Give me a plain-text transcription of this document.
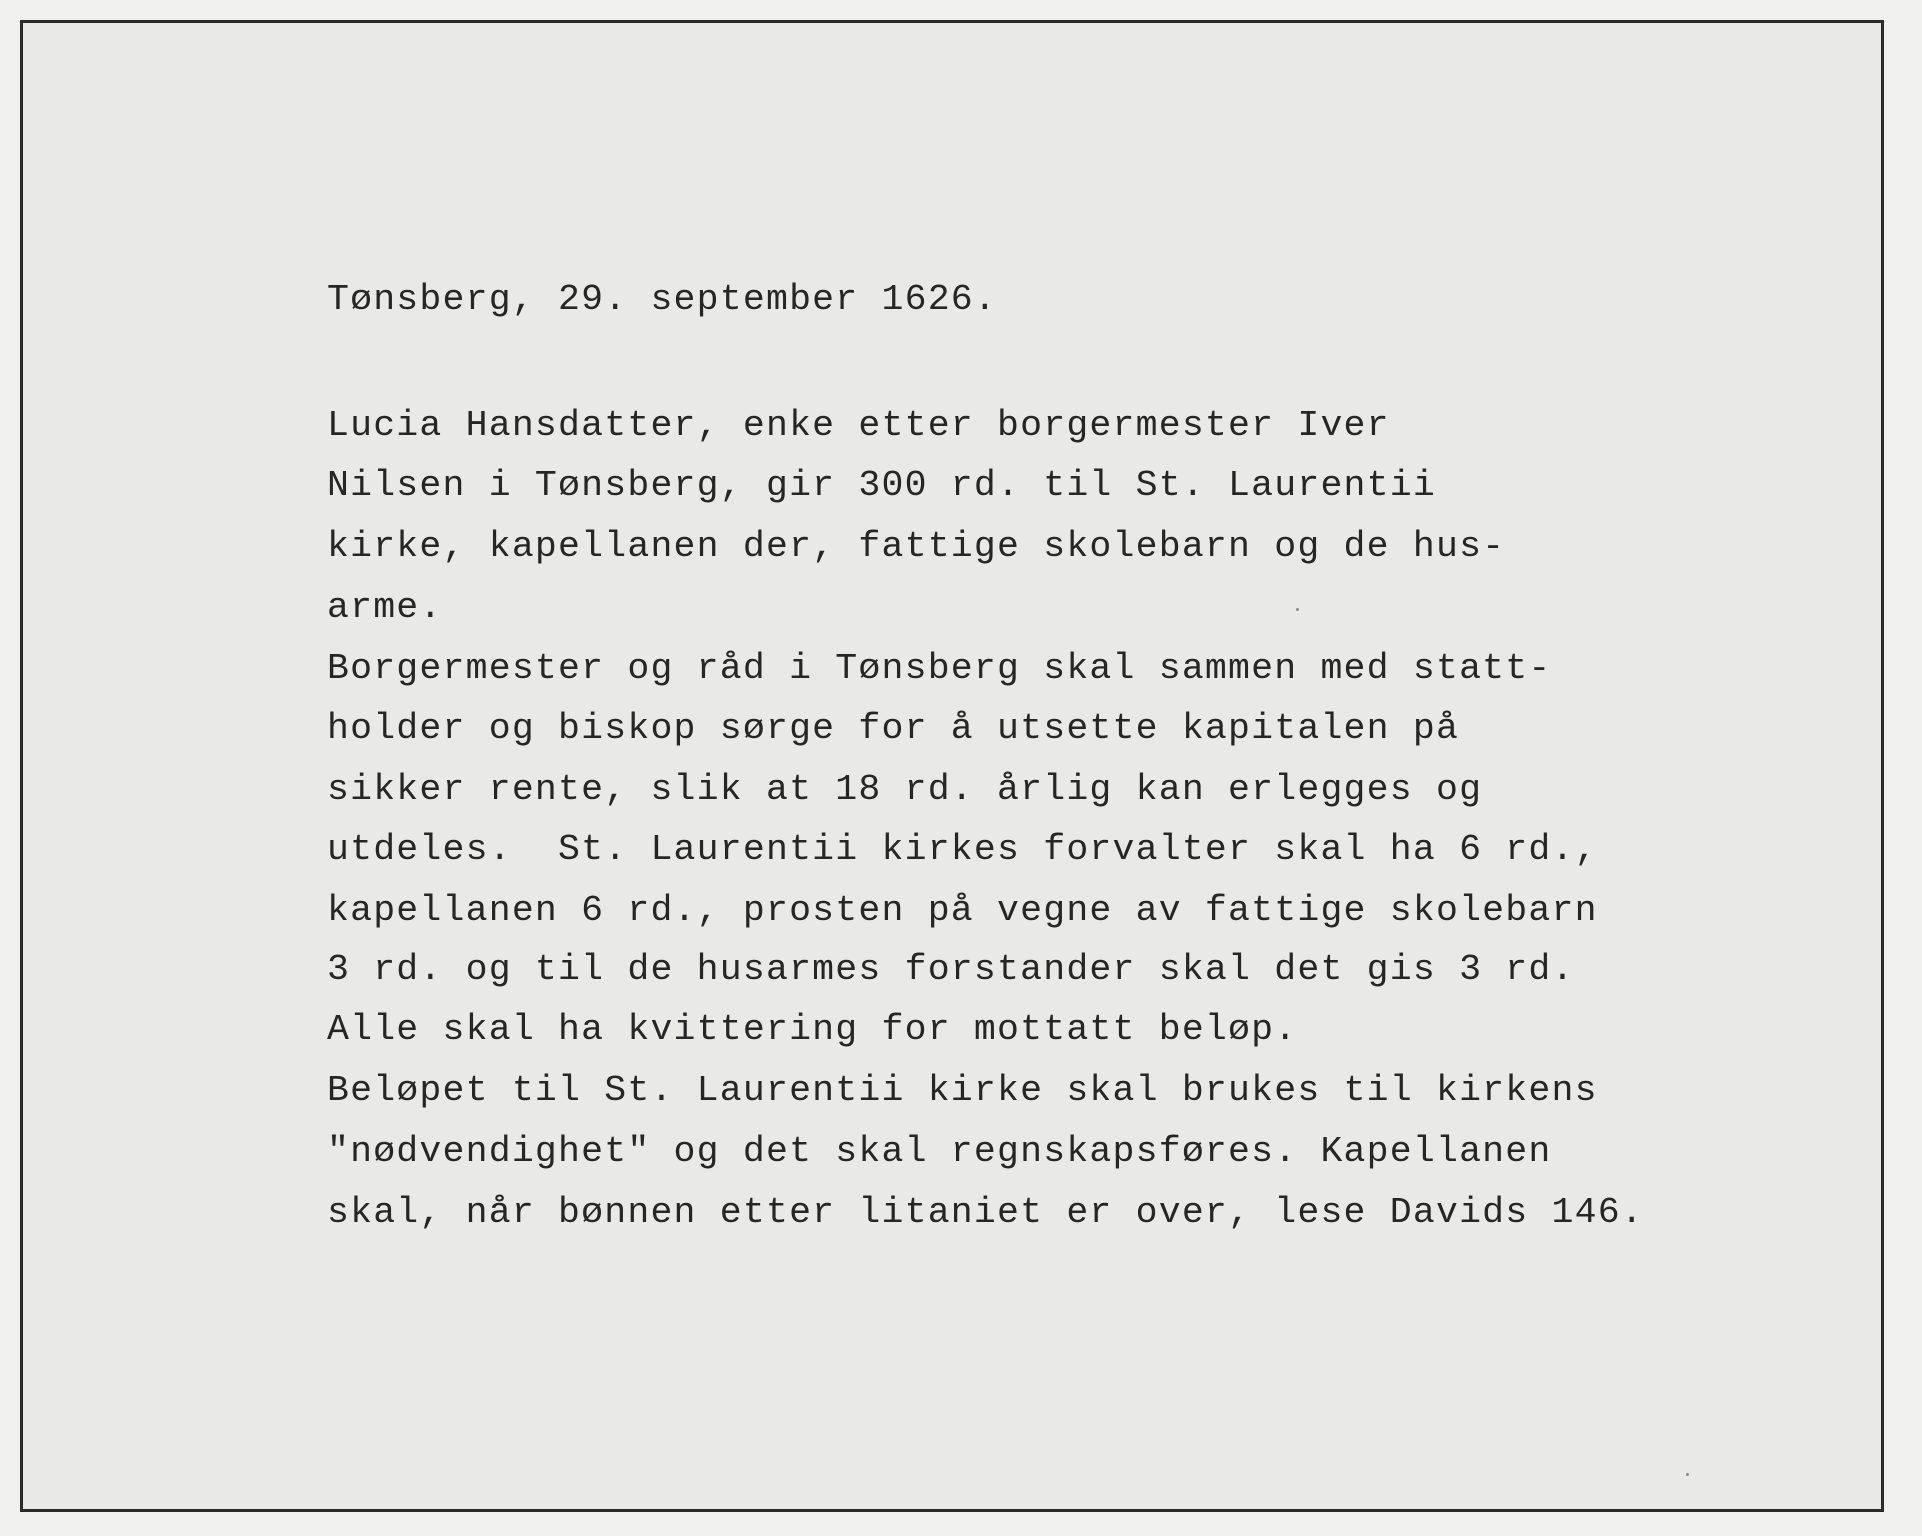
Tønsberg, 29. september 1626.
Lucia Hansdatter, enke etter borgermester Iver
Nilsen i Tønsberg, gir 300 rd. til St. Laurentii
kirke, kapellanen der, fattige skolebarn og de hus-
arme.
Borgermester og råd i Tønsberg skal sammen med statt-
holder og biskop sørge for å utsette kapitalen på
sikker rente, slik at 18 rd. årlig kan erlegges og
utdeles.  St. Laurentii kirkes forvalter skal ha 6 rd.,
kapellanen 6 rd., prosten på vegne av fattige skolebarn
3 rd. og til de husarmes forstander skal det gis 3 rd.
Alle skal ha kvittering for mottatt beløp.
Beløpet til St. Laurentii kirke skal brukes til kirkens
"nødvendighet" og det skal regnskapsføres. Kapellanen
skal, når bønnen etter litaniet er over, lese Davids 146.
